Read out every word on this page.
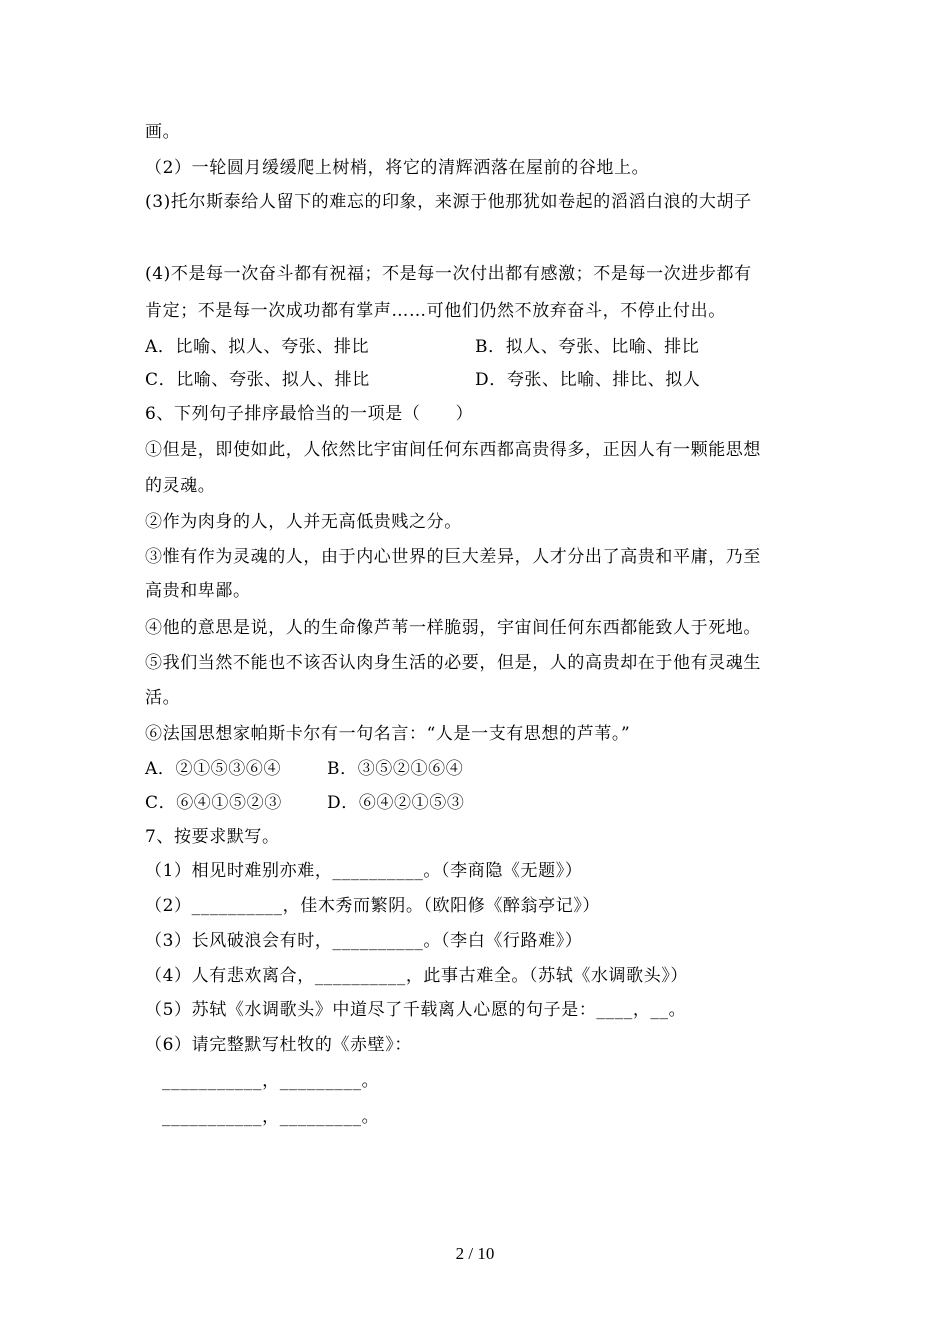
画。
（2）一轮圆月缓缓爬上树梢，将它的清辉洒落在屋前的谷地上。
(3)托尔斯泰给人留下的难忘的印象，来源于他那犹如卷起的滔滔白浪的大胡子
(4)不是每一次奋斗都有祝福；不是每一次付出都有感激；不是每一次进步都有
肯定；不是每一次成功都有掌声……可他们仍然不放弃奋斗，不停止付出。
A．比喻、拟人、夸张、排比	B．拟人、夸张、比喻、排比
C．比喻、夸张、拟人、排比	D．夸张、比喻、排比、拟人
6、下列句子排序最恰当的一项是（　　）
①但是，即使如此，人依然比宇宙间任何东西都高贵得多，正因人有一颗能思想
的灵魂。
②作为肉身的人，人并无高低贵贱之分。
③惟有作为灵魂的人，由于内心世界的巨大差异，人才分出了高贵和平庸，乃至
高贵和卑鄙。
④他的意思是说，人的生命像芦苇一样脆弱，宇宙间任何东西都能致人于死地。
⑤我们当然不能也不该否认肉身生活的必要，但是，人的高贵却在于他有灵魂生
活。
⑥法国思想家帕斯卡尔有一句名言：“人是一支有思想的芦苇。”
A．②①⑤③⑥④	B．③⑤②①⑥④
C．⑥④①⑤②③	D．⑥④②①⑤③
7、按要求默写。
（1）相见时难别亦难，__________。（李商隐《无题》）
（2）__________，佳木秀而繁阴。（欧阳修《醉翁亭记》）
（3）长风破浪会有时，__________。（李白《行路难》）
（4）人有悲欢离合，__________，此事古难全。（苏轼《水调歌头》）
（5）苏轼《水调歌头》中道尽了千载离人心愿的句子是：____，__。
（6）请完整默写杜牧的《赤壁》：
___________，_________。
___________，_________。
2 / 10
